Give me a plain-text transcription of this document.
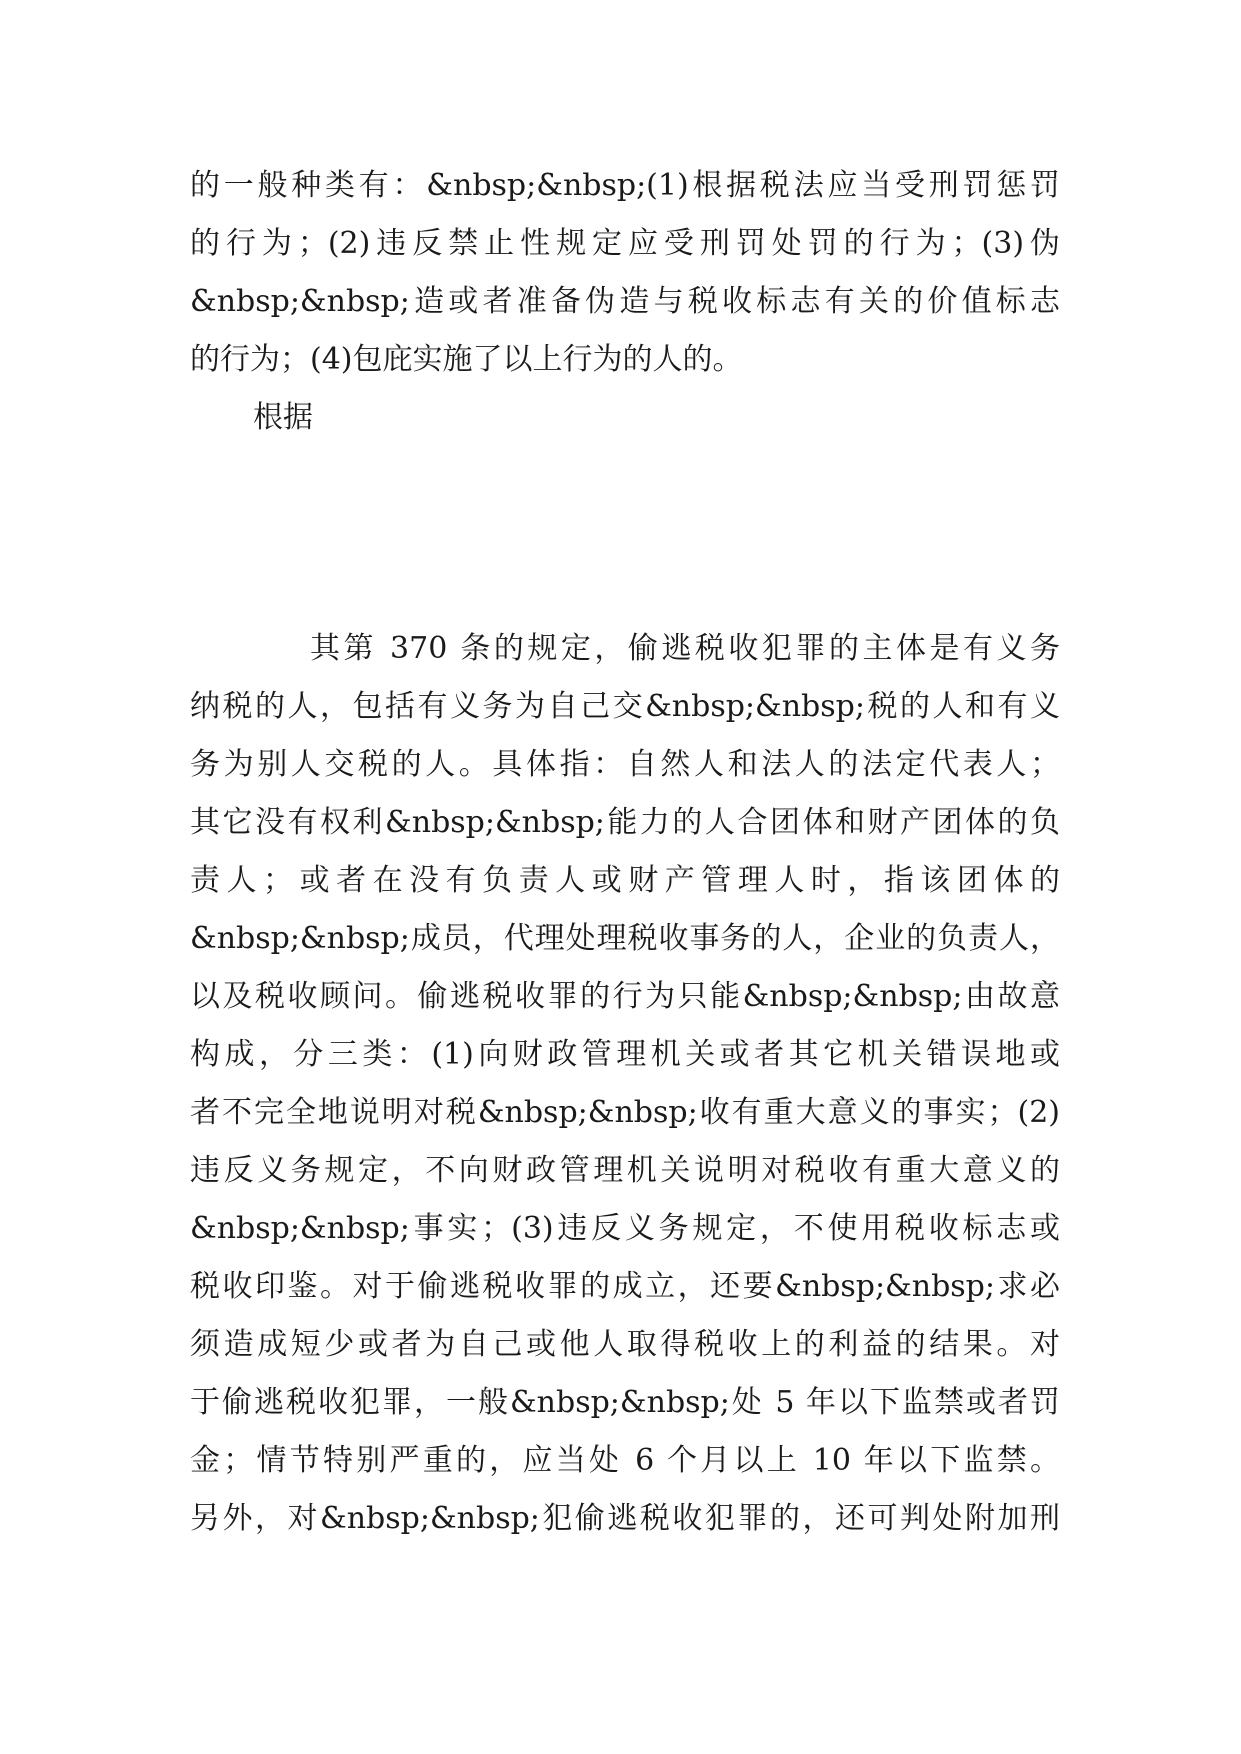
的一般种类有：&nbsp;&nbsp;(1)根据税法应当受刑罚惩罚
的行为；(2)违反禁止性规定应受刑罚处罚的行为；(3)伪
&nbsp;&nbsp;造或者准备伪造与税收标志有关的价值标志
的行为；(4)包庇实施了以上行为的人的。
根据
其第 370 条的规定，偷逃税收犯罪的主体是有义务
纳税的人，包括有义务为自己交&nbsp;&nbsp;税的人和有义
务为别人交税的人。具体指：自然人和法人的法定代表人；
其它没有权利&nbsp;&nbsp;能力的人合团体和财产团体的负
责人；或者在没有负责人或财产管理人时，指该团体的
&nbsp;&nbsp;成员，代理处理税收事务的人，企业的负责人，
以及税收顾问。偷逃税收罪的行为只能&nbsp;&nbsp;由故意
构成，分三类：(1)向财政管理机关或者其它机关错误地或
者不完全地说明对税&nbsp;&nbsp;收有重大意义的事实；(2)
违反义务规定，不向财政管理机关说明对税收有重大意义的
&nbsp;&nbsp;事实；(3)违反义务规定，不使用税收标志或
税收印鉴。对于偷逃税收罪的成立，还要&nbsp;&nbsp;求必
须造成短少或者为自己或他人取得税收上的利益的结果。对
于偷逃税收犯罪，一般&nbsp;&nbsp;处 5 年以下监禁或者罚
金；情节特别严重的，应当处 6 个月以上 10 年以下监禁。
另外，对&nbsp;&nbsp;犯偷逃税收犯罪的，还可判处附加刑
